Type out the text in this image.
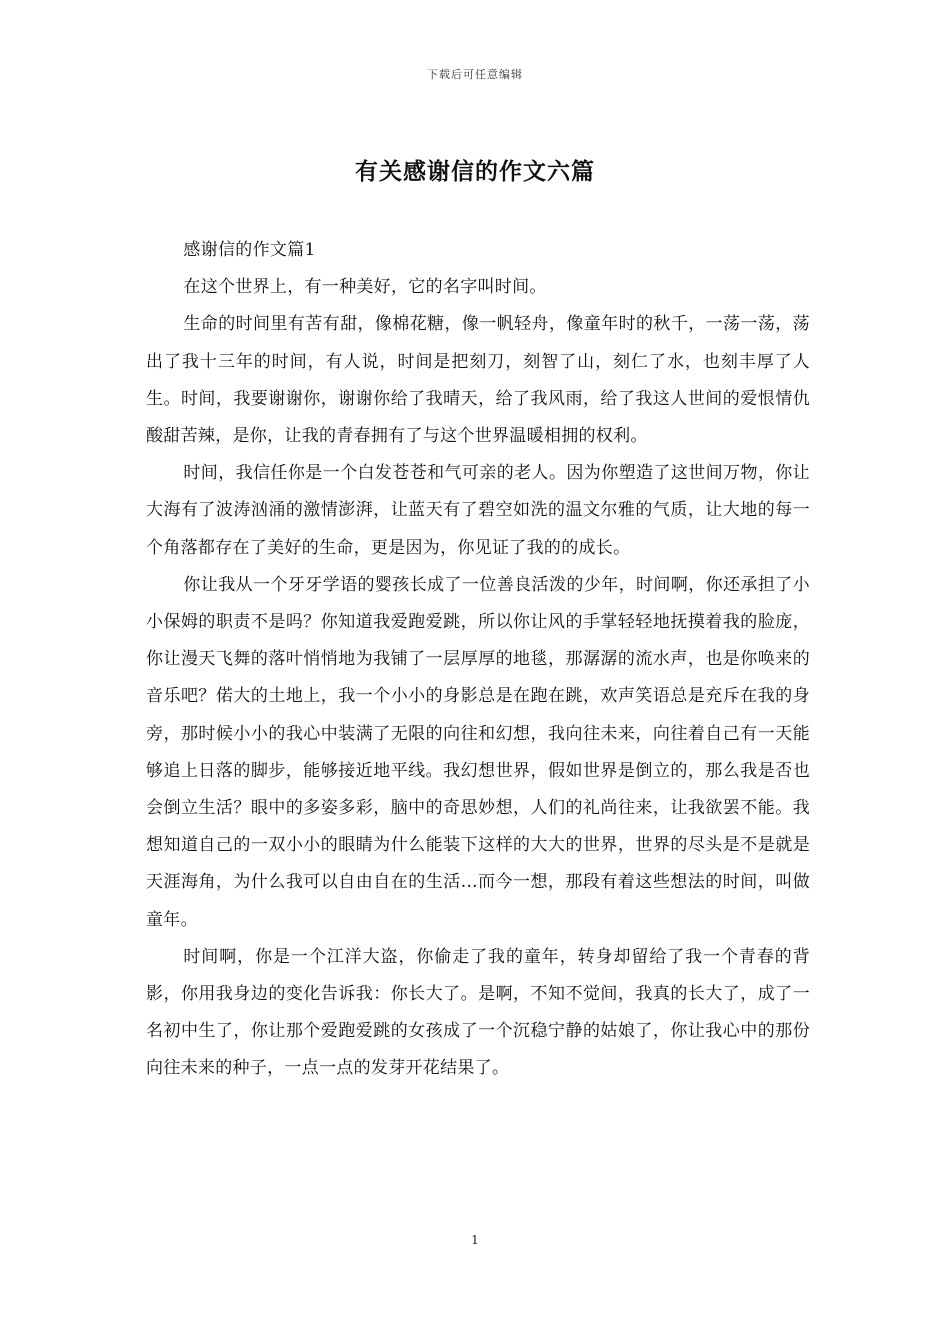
下载后可任意编辑
有关感谢信的作文六篇

感谢信的作文篇1

在这个世界上，有一种美好，它的名字叫时间。

生命的时间里有苦有甜，像棉花糖，像一帆轻舟，像童年时的秋千，一荡一荡，荡出了我十三年的时间，有人说，时间是把刻刀，刻智了山，刻仁了水，也刻丰厚了人生。时间，我要谢谢你，谢谢你给了我晴天，给了我风雨，给了我这人世间的爱恨情仇酸甜苦辣，是你，让我的青春拥有了与这个世界温暖相拥的权利。

时间，我信任你是一个白发苍苍和气可亲的老人。因为你塑造了这世间万物，你让大海有了波涛汹涌的激情澎湃，让蓝天有了碧空如洗的温文尔雅的气质，让大地的每一个角落都存在了美好的生命，更是因为，你见证了我的的成长。

你让我从一个牙牙学语的婴孩长成了一位善良活泼的少年，时间啊，你还承担了小小保姆的职责不是吗？你知道我爱跑爱跳，所以你让风的手掌轻轻地抚摸着我的脸庞，你让漫天飞舞的落叶悄悄地为我铺了一层厚厚的地毯，那潺潺的流水声，也是你唤来的音乐吧？偌大的土地上，我一个小小的身影总是在跑在跳，欢声笑语总是充斥在我的身旁，那时候小小的我心中装满了无限的向往和幻想，我向往未来，向往着自己有一天能够追上日落的脚步，能够接近地平线。我幻想世界，假如世界是倒立的，那么我是否也会倒立生活？眼中的多姿多彩，脑中的奇思妙想，人们的礼尚往来，让我欲罢不能。我想知道自己的一双小小的眼睛为什么能装下这样的大大的世界，世界的尽头是不是就是天涯海角，为什么我可以自由自在的生活...而今一想，那段有着这些想法的时间，叫做童年。

时间啊，你是一个江洋大盗，你偷走了我的童年，转身却留给了我一个青春的背影，你用我身边的变化告诉我：你长大了。是啊，不知不觉间，我真的长大了，成了一名初中生了，你让那个爱跑爱跳的女孩成了一个沉稳宁静的姑娘了，你让我心中的那份向往未来的种子，一点一点的发芽开花结果了。

1
